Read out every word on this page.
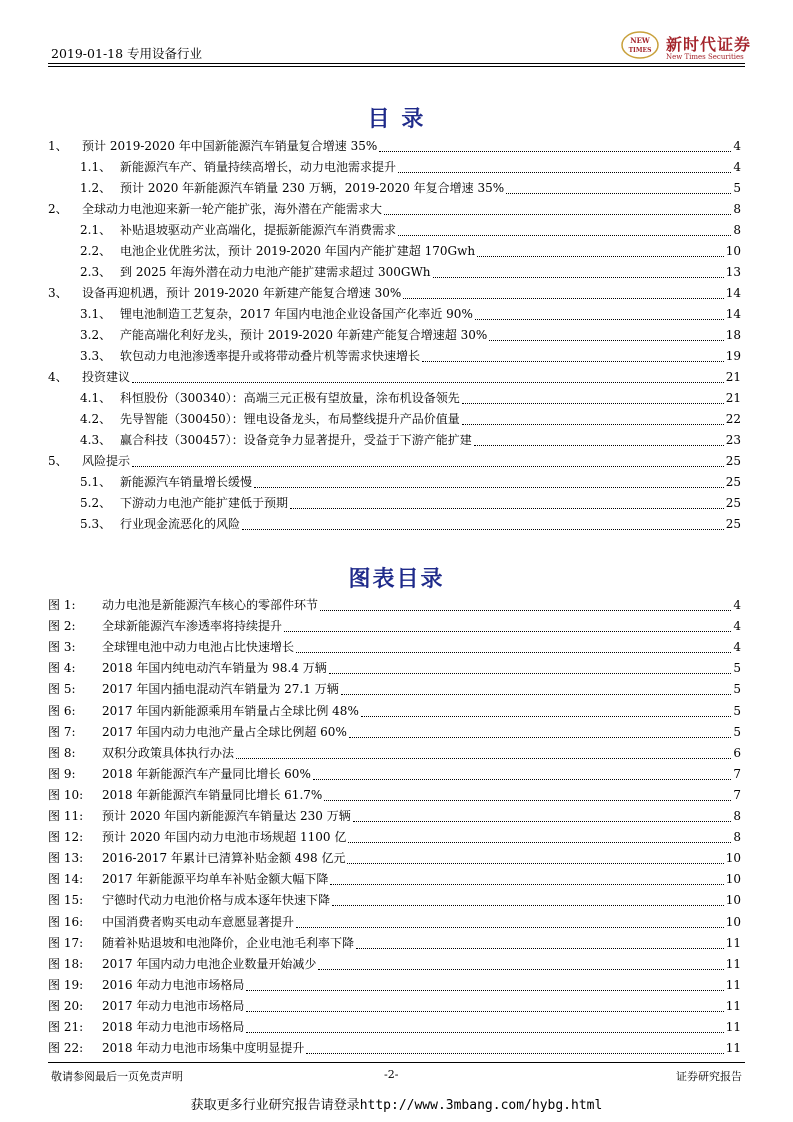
2019-01-18 专用设备行业
NEW
TIMES 新时代证券
New Times Securities
目 录
1、	预计 2019-2020 年中国新能源汽车销量复合增速 35%	4
1.1、 新能源汽车产、销量持续高增长，动力电池需求提升	4
1.2、 预计 2020 年新能源汽车销量 230 万辆，2019-2020 年复合增速 35%	5
2、	全球动力电池迎来新一轮产能扩张，海外潜在产能需求大	8
2.1、 补贴退坡驱动产业高端化，提振新能源汽车消费需求	8
2.2、 电池企业优胜劣汰，预计 2019-2020 年国内产能扩建超 170Gwh	10
2.3、 到 2025 年海外潜在动力电池产能扩建需求超过 300GWh	13
3、	设备再迎机遇，预计 2019-2020 年新建产能复合增速 30%	14
3.1、 锂电池制造工艺复杂，2017 年国内电池企业设备国产化率近 90%	14
3.2、 产能高端化利好龙头，预计 2019-2020 年新建产能复合增速超 30%	18
3.3、 软包动力电池渗透率提升或将带动叠片机等需求快速增长	19
4、	投资建议	21
4.1、 科恒股份（300340）：高端三元正极有望放量，涂布机设备领先	21
4.2、 先导智能（300450）：锂电设备龙头，布局整线提升产品价值量	22
4.3、 赢合科技（300457）：设备竞争力显著提升，受益于下游产能扩建	23
5、	风险提示	25
5.1、 新能源汽车销量增长缓慢	25
5.2、 下游动力电池产能扩建低于预期	25
5.3、 行业现金流恶化的风险	25
图表目录
图 1:	动力电池是新能源汽车核心的零部件环节	4
图 2:	全球新能源汽车渗透率将持续提升	4
图 3:	全球锂电池中动力电池占比快速增长	4
图 4:	2018 年国内纯电动汽车销量为 98.4 万辆	5
图 5:	2017 年国内插电混动汽车销量为 27.1 万辆	5
图 6:	2017 年国内新能源乘用车销量占全球比例 48%	5
图 7:	2017 年国内动力电池产量占全球比例超 60%	5
图 8:	双积分政策具体执行办法	6
图 9:	2018 年新能源汽车产量同比增长 60%	7
图 10:	2018 年新能源汽车销量同比增长 61.7%	7
图 11:	预计 2020 年国内新能源汽车销量达 230 万辆	8
图 12:	预计 2020 年国内动力电池市场规超 1100 亿	8
图 13:	2016-2017 年累计已清算补贴金额 498 亿元	10
图 14:	2017 年新能源平均单车补贴金额大幅下降	10
图 15:	宁德时代动力电池价格与成本逐年快速下降	10
图 16:	中国消费者购买电动车意愿显著提升	10
图 17:	随着补贴退坡和电池降价，企业电池毛利率下降	11
图 18:	2017 年国内动力电池企业数量开始减少	11
图 19:	2016 年动力电池市场格局	11
图 20:	2017 年动力电池市场格局	11
图 21:	2018 年动力电池市场格局	11
图 22:	2018 年动力电池市场集中度明显提升	11
敬请参阅最后一页免责声明	-2-	证券研究报告
获取更多行业研究报告请登录http://www.3mbang.com/hybg.html
